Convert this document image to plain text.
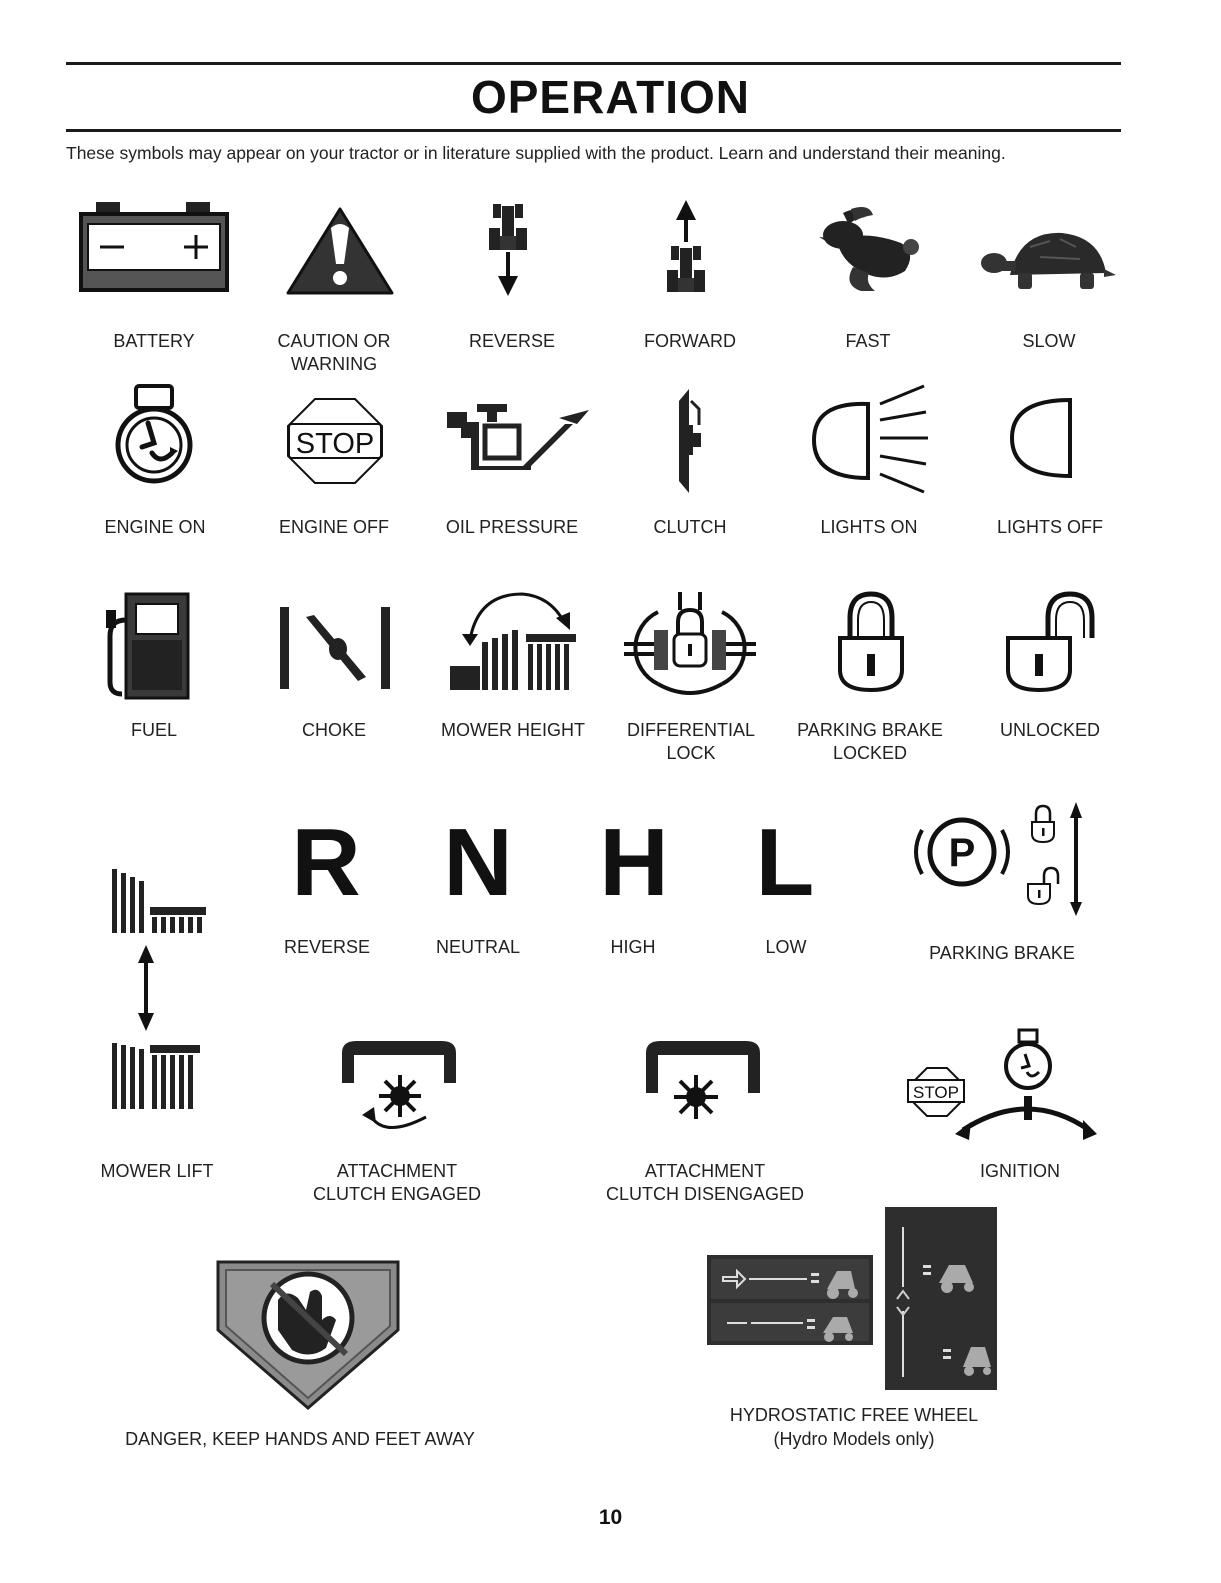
OPERATION
These symbols may appear on your tractor or in literature supplied with the product. Learn and understand their meaning.
BATTERY	CAUTION OR
WARNING
REVERSE	FORWARD	FAST	SLOW
ENGINE ON
STOP
ENGINE OFF	OIL PRESSURE	CLUTCH	LIGHTS ON	LIGHTS OFF
FUEL	CHOKE	MOWER HEIGHT DIFFERENTIAL
LOCK
PARKING BRAKE
LOCKED
UNLOCKED
MOWER LIFT
R
REVERSE
N
NEUTRAL
H
HIGH
L
LOW
P
PARKING BRAKE
ATTACHMENT
CLUTCH ENGAGED
ATTACHMENT
CLUTCH DISENGAGED
STOP
IGNITION
DANGER, KEEP HANDS AND FEET AWAY
HYDROSTATIC FREE WHEEL
(Hydro Models only)
10
